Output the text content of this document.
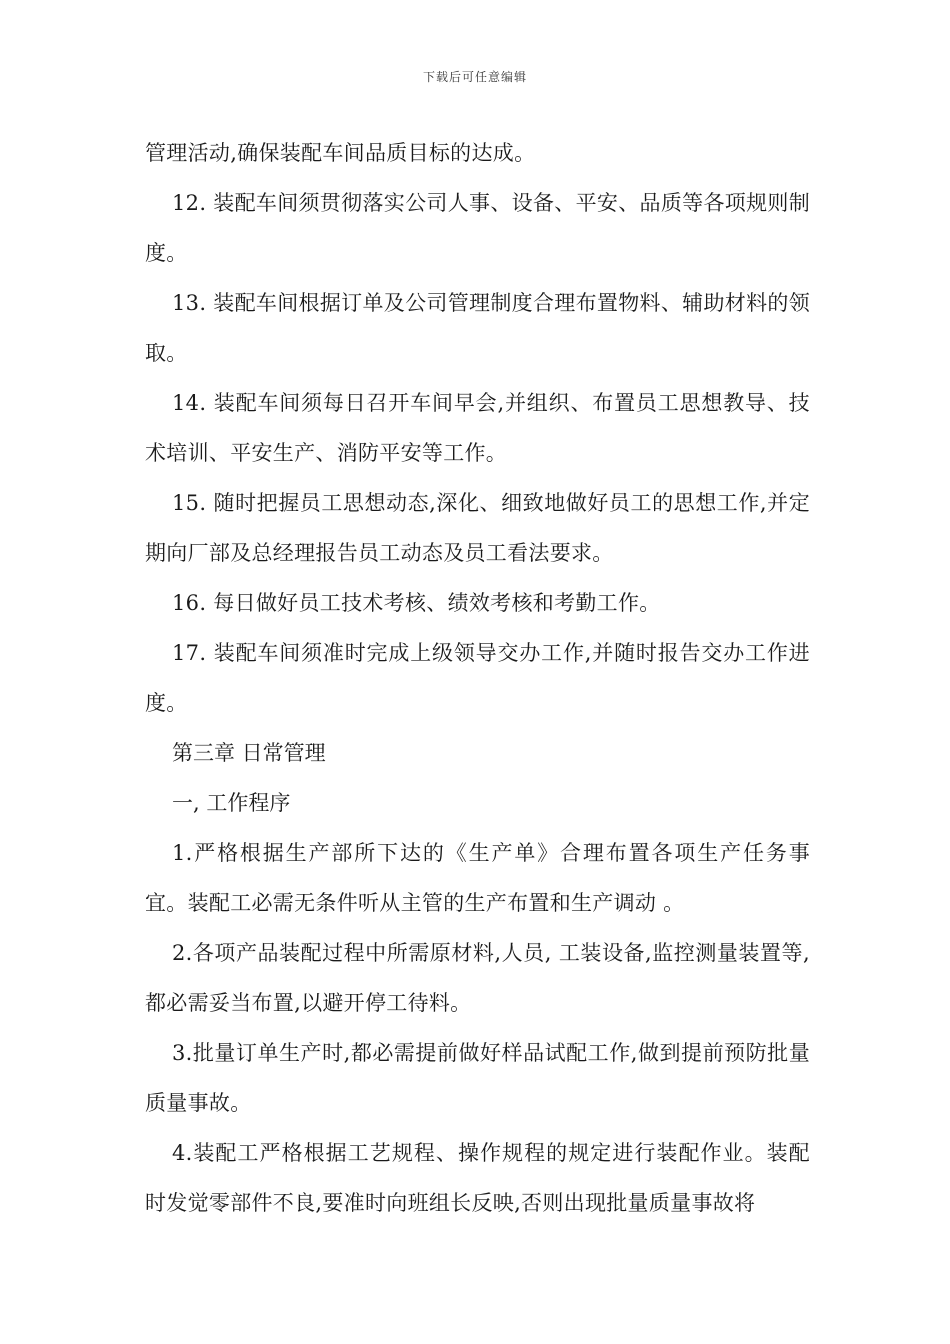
下载后可任意编辑

管理活动,确保装配车间品质目标的达成。

12. 装配车间须贯彻落实公司人事、设备、平安、品质等各项规则制度。

13. 装配车间根据订单及公司管理制度合理布置物料、辅助材料的领取。

14. 装配车间须每日召开车间早会,并组织、布置员工思想教导、技术培训、平安生产、消防平安等工作。

15. 随时把握员工思想动态,深化、细致地做好员工的思想工作,并定期向厂部及总经理报告员工动态及员工看法要求。

16. 每日做好员工技术考核、绩效考核和考勤工作。

17. 装配车间须准时完成上级领导交办工作,并随时报告交办工作进度。

第三章 日常管理

一, 工作程序

1.严格根据生产部所下达的《生产单》合理布置各项生产任务事宜。装配工必需无条件听从主管的生产布置和生产调动 。

2.各项产品装配过程中所需原材料,人员, 工装设备,监控测量装置等,都必需妥当布置,以避开停工待料。

3.批量订单生产时,都必需提前做好样品试配工作,做到提前预防批量质量事故。

4.装配工严格根据工艺规程、操作规程的规定进行装配作业。装配时发觉零部件不良,要准时向班组长反映,否则出现批量质量事故将
